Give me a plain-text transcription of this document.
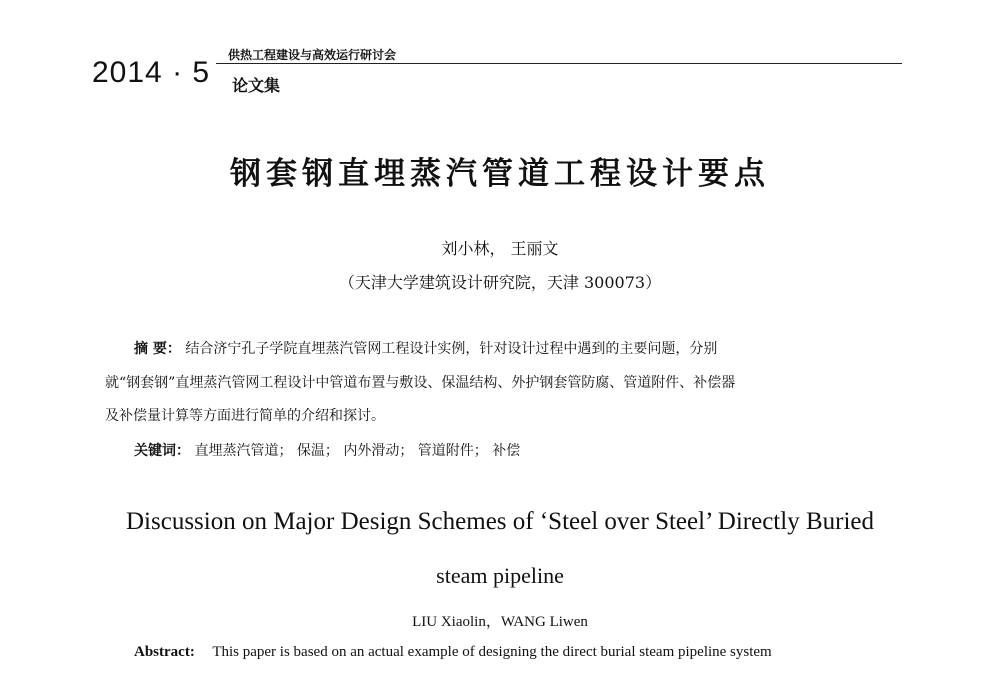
2014 · 5
供热工程建设与高效运行研讨会
论文集
钢套钢直埋蒸汽管道工程设计要点
刘小林， 王丽文
（天津大学建筑设计研究院，天津 300073）
摘 要： 结合济宁孔子学院直埋蒸汽管网工程设计实例，针对设计过程中遇到的主要问题，分别
就“钢套钢”直埋蒸汽管网工程设计中管道布置与敷设、保温结构、外护钢套管防腐、管道附件、补偿器
及补偿量计算等方面进行简单的介绍和探讨。
关键词： 直埋蒸汽管道； 保温； 内外滑动； 管道附件； 补偿
Discussion on Major Design Schemes of ‘Steel over Steel’ Directly Buried
steam pipeline
LIU Xiaolin，WANG Liwen
Abstract: This paper is based on an actual example of designing the direct burial steam pipeline system
